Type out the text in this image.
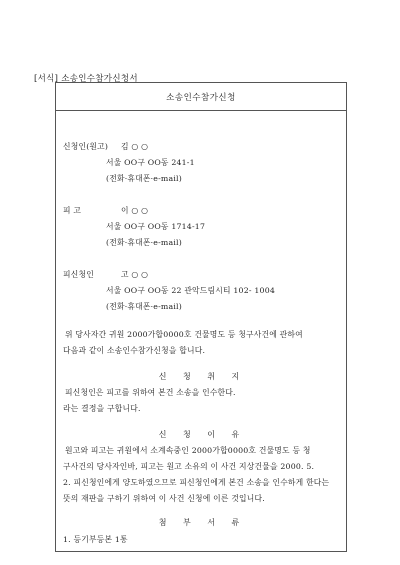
[서식] 소송인수참가신청서
소송인수참가신청
신청인(원고) 김 ○ ○
서울 OO구 OO동 241-1
(전화·휴대폰·e-mail)
피 고	이 ○ ○
서울 OO구 OO동 1714-17
(전화·휴대폰·e-mail)
피신청인	고 ○ ○
서울 OO구 OO동 22 관악드림시티 102- 1004
(전화·휴대폰·e-mail)
위 당사자간 귀원 2000가합0000호 건물명도 등 청구사건에 관하여
다음과 같이 소송인수참가신청을 합니다.
신 청 취 지
피신청인은 피고를 위하여 본건 소송을 인수한다.
라는 결정을 구합니다.
신 청 이 유
원고와 피고는 귀원에서 소계속중인 2000가합0000호 건물명도 등 청
구사건의 당사자인바, 피고는 원고 소유의 이 사건 지상건물을 2000. 5.
2. 피신청인에게 양도하였으므로 피신청인에게 본건 소송을 인수하게 한다는
뜻의 재판을 구하기 위하여 이 사건 신청에 이른 것입니다.
첨 부 서 류
1. 등기부등본 1통
